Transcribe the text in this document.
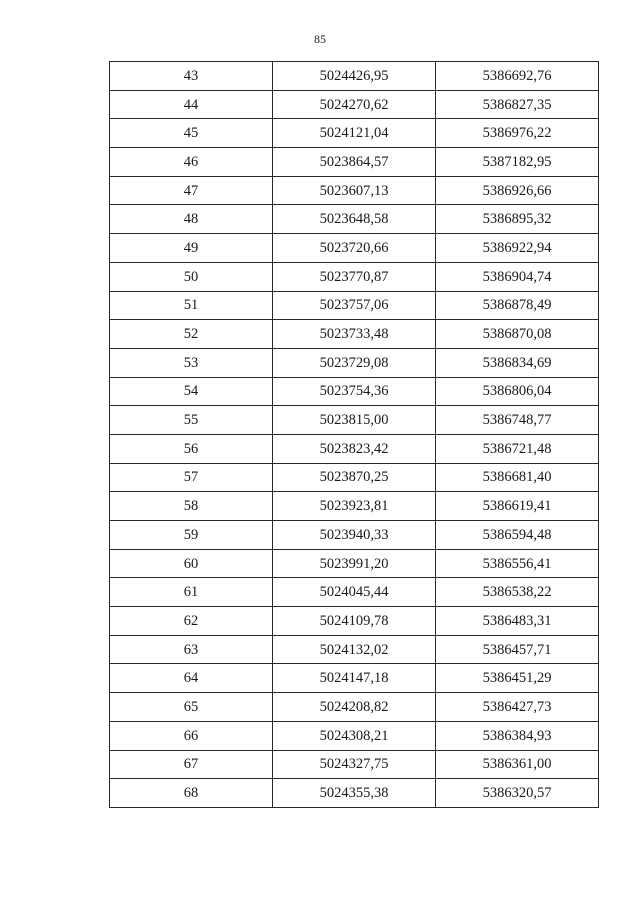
85
43	5024426,95	5386692,76
44	5024270,62	5386827,35
45	5024121,04	5386976,22
46	5023864,57	5387182,95
47	5023607,13	5386926,66
48	5023648,58	5386895,32
49	5023720,66	5386922,94
50	5023770,87	5386904,74
51	5023757,06	5386878,49
52	5023733,48	5386870,08
53	5023729,08	5386834,69
54	5023754,36	5386806,04
55	5023815,00	5386748,77
56	5023823,42	5386721,48
57	5023870,25	5386681,40
58	5023923,81	5386619,41
59	5023940,33	5386594,48
60	5023991,20	5386556,41
61	5024045,44	5386538,22
62	5024109,78	5386483,31
63	5024132,02	5386457,71
64	5024147,18	5386451,29
65	5024208,82	5386427,73
66	5024308,21	5386384,93
67	5024327,75	5386361,00
68	5024355,38	5386320,57
